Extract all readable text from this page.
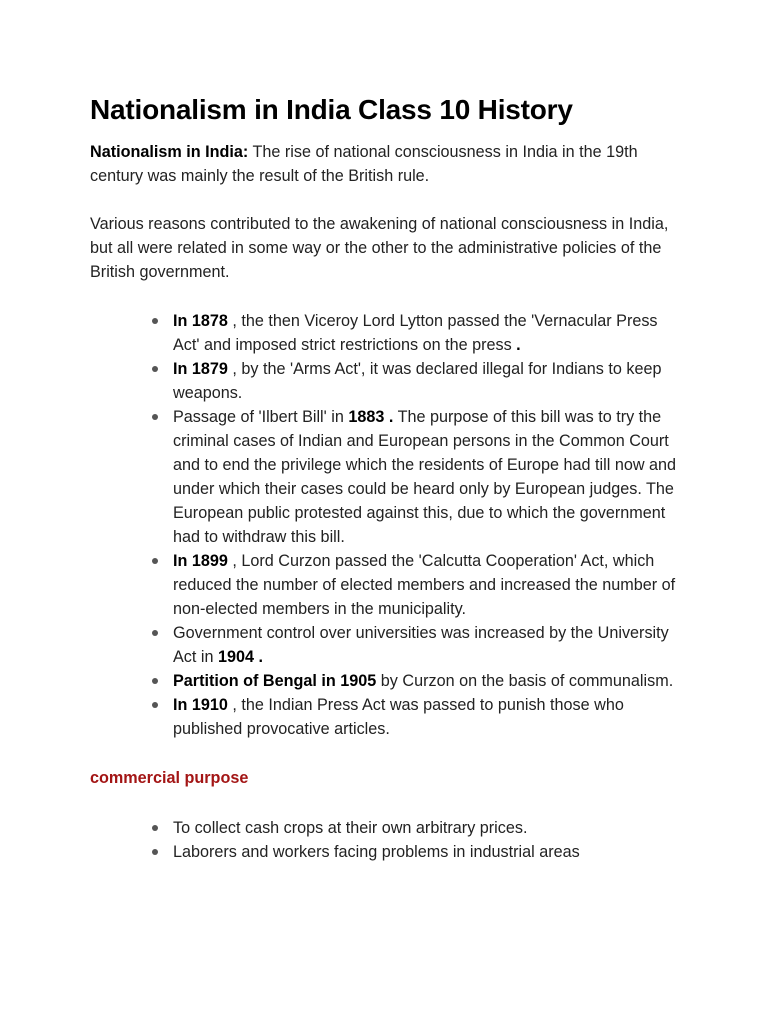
Nationalism in India Class 10 History

Nationalism in India: The rise of national consciousness in India in the 19th century was mainly the result of the British rule.

Various reasons contributed to the awakening of national consciousness in India, but all were related in some way or the other to the administrative policies of the British government.

In 1878 , the then Viceroy Lord Lytton passed the 'Vernacular Press Act' and imposed strict restrictions on the press .
In 1879 , by the 'Arms Act', it was declared illegal for Indians to keep weapons.
Passage of 'Ilbert Bill' in 1883 . The purpose of this bill was to try the criminal cases of Indian and European persons in the Common Court and to end the privilege which the residents of Europe had till now and under which their cases could be heard only by European judges. The European public protested against this, due to which the government had to withdraw this bill.
In 1899 , Lord Curzon passed the 'Calcutta Cooperation' Act, which reduced the number of elected members and increased the number of non-elected members in the municipality.
Government control over universities was increased by the University Act in 1904 .
Partition of Bengal in 1905 by Curzon on the basis of communalism.
In 1910 , the Indian Press Act was passed to punish those who published provocative articles.
commercial purpose
To collect cash crops at their own arbitrary prices.
Laborers and workers facing problems in industrial areas
